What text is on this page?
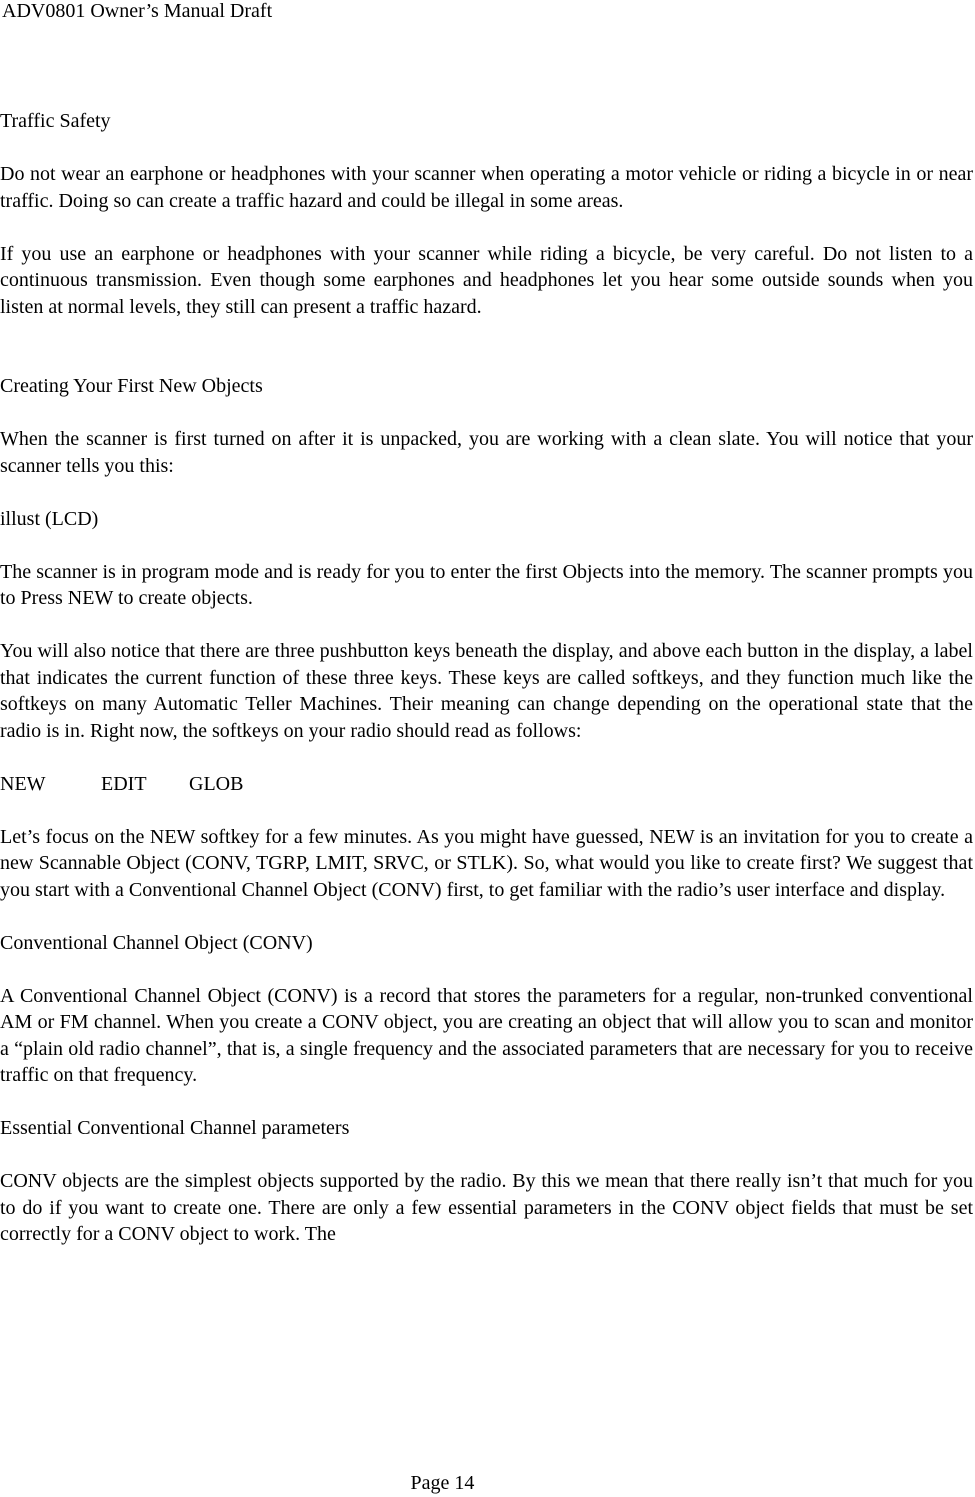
ADV0801 Owner’s Manual Draft

Traffic Safety

Do not wear an earphone or headphones with your scanner when operating a motor vehicle or riding a bicycle in or near traffic. Doing so can create a traffic hazard and could be illegal in some areas.

If you use an earphone or headphones with your scanner while riding a bicycle, be very careful. Do not listen to a continuous transmission. Even though some earphones and headphones let you hear some outside sounds when you listen at normal levels, they still can present a traffic hazard.

Creating Your First New Objects

When the scanner is first turned on after it is unpacked, you are working with a clean slate. You will notice that your scanner tells you this:

illust (LCD)

The scanner is in program mode and is ready for you to enter the first Objects into the memory. The scanner prompts you to Press NEW to create objects.

You will also notice that there are three pushbutton keys beneath the display, and above each button in the display, a label that indicates the current function of these three keys. These keys are called softkeys, and they function much like the softkeys on many Automatic Teller Machines. Their meaning can change depending on the operational state that the radio is in. Right now, the softkeys on your radio should read as follows:

NEW	EDIT GLOB

Let’s focus on the NEW softkey for a few minutes. As you might have guessed, NEW is an invitation for you to create a new Scannable Object (CONV, TGRP, LMIT, SRVC, or STLK). So, what would you like to create first? We suggest that you start with a Conventional Channel Object (CONV) first, to get familiar with the radio’s user interface and display.

Conventional Channel Object (CONV)

A Conventional Channel Object (CONV) is a record that stores the parameters for a regular, non-trunked conventional AM or FM channel. When you create a CONV object, you are creating an object that will allow you to scan and monitor a “plain old radio channel”, that is, a single frequency and the associated parameters that are necessary for you to receive traffic on that frequency.

Essential Conventional Channel parameters

CONV objects are the simplest objects supported by the radio. By this we mean that there really isn’t that much for you to do if you want to create one. There are only a few essential parameters in the CONV object fields that must be set correctly for a CONV object to work. The

Page 14
